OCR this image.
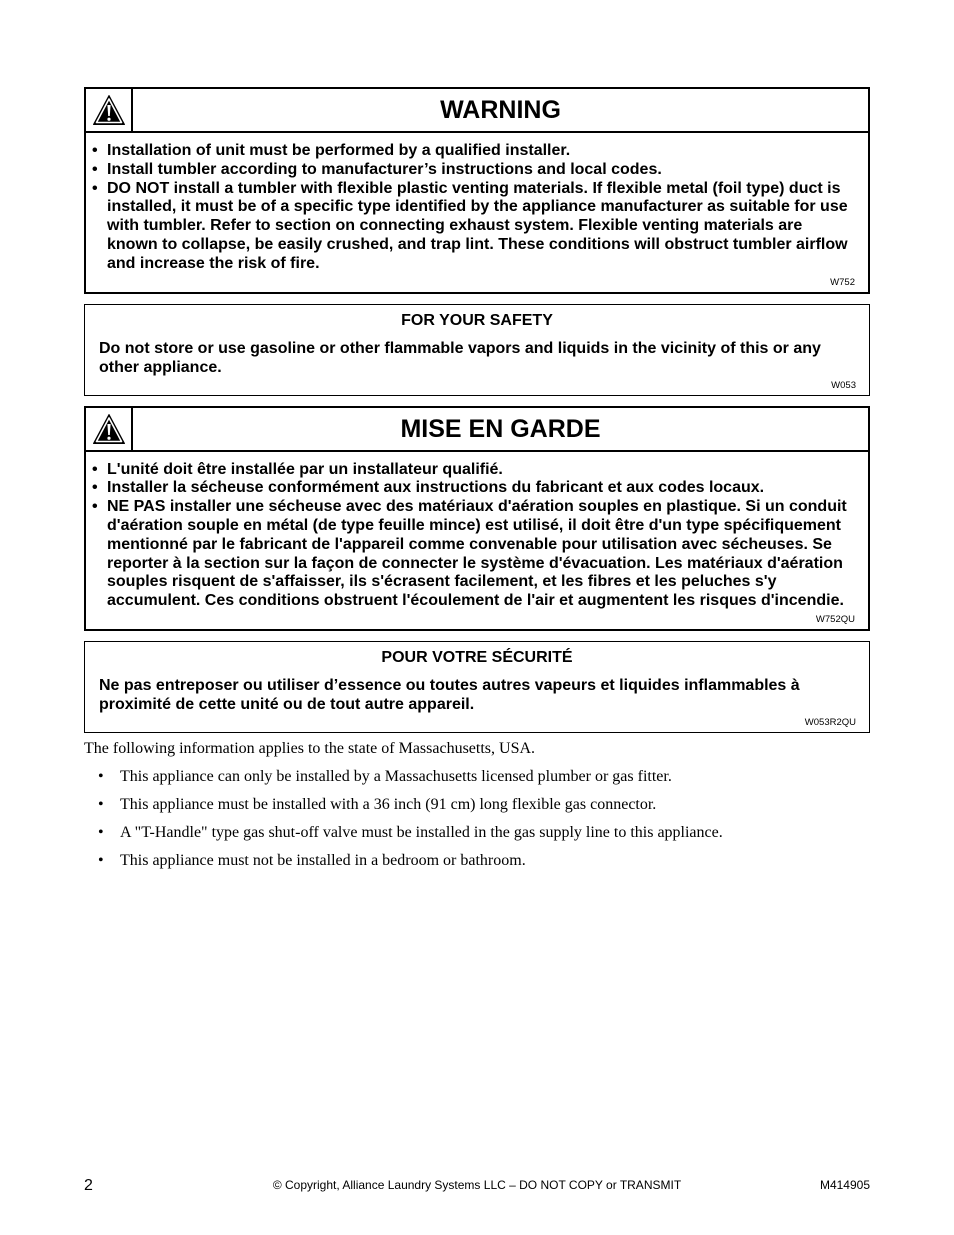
WARNING
• Installation of unit must be performed by a qualified installer.
• Install tumbler according to manufacturer’s instructions and local codes.
• DO NOT install a tumbler with flexible plastic venting materials. If flexible metal (foil type) duct is installed, it must be of a specific type identified by the appliance manufacturer as suitable for use with tumbler. Refer to section on connecting exhaust system. Flexible venting materials are known to collapse, be easily crushed, and trap lint. These conditions will obstruct tumbler airflow and increase the risk of fire.
W752
FOR YOUR SAFETY
Do not store or use gasoline or other flammable vapors and liquids in the vicinity of this or any other appliance.
W053
MISE EN GARDE
• L'unité doit être installée par un installateur qualifié.
• Installer la sécheuse conformément aux instructions du fabricant et aux codes locaux.
• NE PAS installer une sécheuse avec des matériaux d'aération souples en plastique. Si un conduit d'aération souple en métal (de type feuille mince) est utilisé, il doit être d'un type spécifiquement mentionné par le fabricant de l'appareil comme convenable pour utilisation avec sécheuses. Se reporter à la section sur la façon de connecter le système d'évacuation. Les matériaux d'aération souples risquent de s'affaisser, ils s'écrasent facilement, et les fibres et les peluches s'y accumulent. Ces conditions obstruent l'écoulement de l'air et augmentent les risques d'incendie.
W752QU
POUR VOTRE SÉCURITÉ
Ne pas entreposer ou utiliser d’essence ou toutes autres vapeurs et liquides inflammables à proximité de cette unité ou de tout autre appareil.
W053R2QU

The following information applies to the state of Massachusetts, USA.

• This appliance can only be installed by a Massachusetts licensed plumber or gas fitter.
• This appliance must be installed with a 36 inch (91 cm) long flexible gas connector.
• A "T-Handle" type gas shut-off valve must be installed in the gas supply line to this appliance.
• This appliance must not be installed in a bedroom or bathroom.
2	© Copyright, Alliance Laundry Systems LLC – DO NOT COPY or TRANSMIT	M414905
